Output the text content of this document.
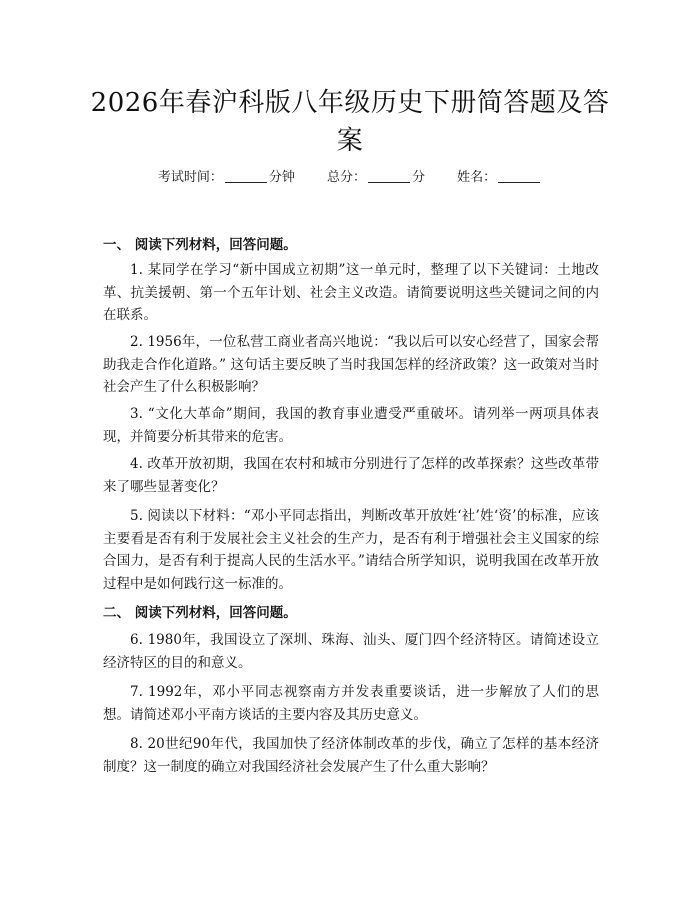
2026年春沪科版八年级历史下册简答题及答案
考试时间：	分钟 总分：	分 姓名：
一、 阅读下列材料，回答问题。
1. 某同学在学习“新中国成立初期”这一单元时，整理了以下关键词：土地改革、抗美援朝、第一个五年计划、社会主义改造。请简要说明这些关键词之间的内在联系。
2. 1956年，一位私营工商业者高兴地说：“我以后可以安心经营了，国家会帮助我走合作化道路。” 这句话主要反映了当时我国怎样的经济政策？这一政策对当时社会产生了什么积极影响？
3. “文化大革命”期间，我国的教育事业遭受严重破坏。请列举一两项具体表现，并简要分析其带来的危害。
4. 改革开放初期，我国在农村和城市分别进行了怎样的改革探索？这些改革带来了哪些显著变化？
5. 阅读以下材料：“邓小平同志指出，判断改革开放姓‘社’姓‘资’的标准，应该主要看是否有利于发展社会主义社会的生产力，是否有利于增强社会主义国家的综合国力，是否有利于提高人民的生活水平。”请结合所学知识，说明我国在改革开放过程中是如何践行这一标准的。
二、 阅读下列材料，回答问题。
6. 1980年，我国设立了深圳、珠海、汕头、厦门四个经济特区。请简述设立经济特区的目的和意义。
7. 1992年，邓小平同志视察南方并发表重要谈话，进一步解放了人们的思想。请简述邓小平南方谈话的主要内容及其历史意义。
8. 20世纪90年代，我国加快了经济体制改革的步伐，确立了怎样的基本经济制度？这一制度的确立对我国经济社会发展产生了什么重大影响？
